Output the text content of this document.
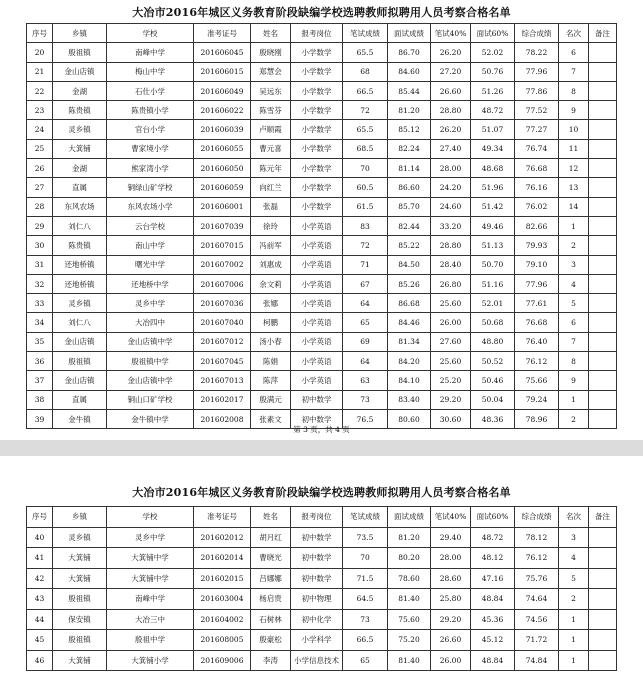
大冶市2016年城区义务教育阶段缺编学校选聘教师拟聘用人员考察合格名单
序号	乡镇	学校	准考证号	姓名	报考岗位	笔试成绩	面试成绩	笔试40%	面试60%	综合成绩	名次	备注
20	殷祖镇	南峰中学	201606045	殷晓刚	小学数学	65.5	86.70	26.20	52.02	78.22	6	
21	金山店镇	梅山中学	201606015	郑慧会	小学数学	68	84.60	27.20	50.76	77.96	7	
22	金湖	石仕小学	201606049	吴远东	小学数学	66.5	85.44	26.60	51.26	77.86	8	
23	陈贵镇	陈贵镇小学	201606022	陈雪芬	小学数学	72	81.20	28.80	48.72	77.52	9	
24	灵乡镇	官台小学	201606039	卢顺霞	小学数学	65.5	85.12	26.20	51.07	77.27	10	
25	大箕铺	曹家境小学	201606055	曹元喜	小学数学	68.5	82.24	27.40	49.34	76.74	11	
26	金湖	熊家湾小学	201606050	陈元年	小学数学	70	81.14	28.00	48.68	76.68	12	
27	直属	铜绿山矿学校	201606059	向红兰	小学数学	60.5	86.60	24.20	51.96	76.16	13	
28	东风农场	东风农场小学	201606001	张磊	小学数学	61.5	85.70	24.60	51.42	76.02	14	
29	刘仁八	云台学校	201607039	徐玲	小学英语	83	82.44	33.20	49.46	82.66	1	
30	陈贵镇	南山中学	201607015	冯前军	小学英语	72	85.22	28.80	51.13	79.93	2	
31	还地桥镇	曙光中学	201607002	刘惠成	小学英语	71	84.50	28.40	50.70	79.10	3	
32	还地桥镇	还地桥中学	201607006	余文莉	小学英语	67	85.26	26.80	51.16	77.96	4	
33	灵乡镇	灵乡中学	201607036	张娜	小学英语	64	86.68	25.60	52.01	77.61	5	
34	刘仁八	大冶四中	201607040	柯鹏	小学英语	65	84.46	26.00	50.68	76.68	6	
35	金山店镇	金山店镇中学	201607012	汤小春	小学英语	69	81.34	27.60	48.80	76.40	7	
36	殷祖镇	殷祖镇中学	201607045	陈娟	小学英语	64	84.20	25.60	50.52	76.12	8	
37	金山店镇	金山店镇中学	201607013	陈萍	小学英语	63	84.10	25.20	50.46	75.66	9	
38	直属	铜山口矿学校	201602017	殷满元	初中数学	73	83.40	29.20	50.04	79.24	1	
39	金牛镇	金牛镇中学	201602008	张素文	初中数学	76.5	80.60	30.60	48.36	78.96	2	
第 3 页，共 4 页
大冶市2016年城区义务教育阶段缺编学校选聘教师拟聘用人员考察合格名单
序号	乡镇	学校	准考证号	姓名	报考岗位	笔试成绩	面试成绩	笔试40%	面试60%	综合成绩	名次	备注
40	灵乡镇	灵乡中学	201602012	胡月红	初中数学	73.5	81.20	29.40	48.72	78.12	3	
41	大箕铺	大箕铺中学	201602014	曹晓光	初中数学	70	80.20	28.00	48.12	76.12	4	
42	大箕铺	大箕铺中学	201602015	吕娜娜	初中数学	71.5	78.60	28.60	47.16	75.76	5	
43	殷祖镇	南峰中学	201603004	杨启贵	初中物理	64.5	81.40	25.80	48.84	74.64	2	
44	保安镇	大冶三中	201604002	石树林	初中化学	73	75.60	29.20	45.36	74.56	1	
45	殷祖镇	殷祖中学	201608005	殷豪松	小学科学	66.5	75.20	26.60	45.12	71.72	1	
46	大箕铺	大箕铺小学	201609006	李涛	小学信息技术	65	81.40	26.00	48.84	74.84	1	
